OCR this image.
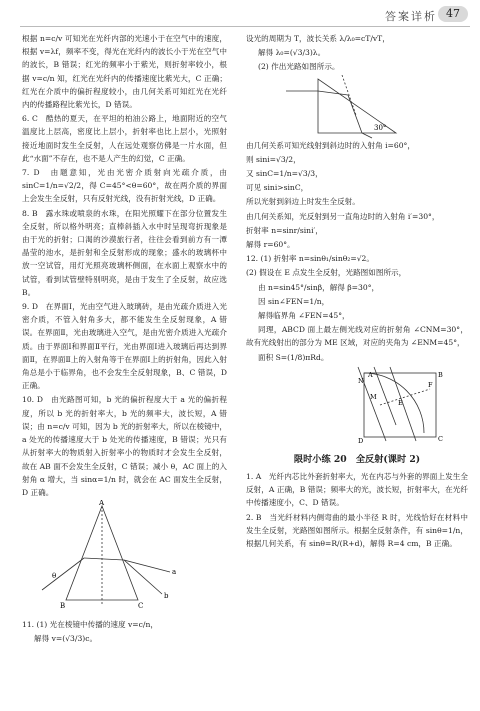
答案详析 47

根据 n=c/v 可知光在光纤内部的光速小于在空气中的速度，根据 v=λf，频率不变，得光在光纤内的波长小于光在空气中的波长，B 错误；红光的频率小于紫光，则折射率较小，根据 v=c/n 知，红光在光纤内的传播速度比紫光大，C 正确；红光在介质中的偏折程度较小，由几何关系可知红光在光纤内的传播路程比紫光长，D 错误。

6. C　酷热的夏天，在平坦的柏油公路上，地面附近的空气温度比上层高，密度比上层小，折射率也比上层小，光照射接近地面时发生全反射，人在远处观察仿佛是一片水面，但此“水面”不存在，也不是人产生的幻觉，C 正确。

7. D　由题意知，光由光密介质射向光疏介质，由 sinC=1/n=√2/2，得 C=45°<θ=60°，故在两介质的界面上会发生全反射，只有反射光线，没有折射光线，D 正确。

8. B　露水珠或喷泉的水珠，在阳光照耀下在部分位置发生全反射，所以格外明亮；直棒斜插入水中时呈现弯折现象是由于光的折射；口渴的沙漠旅行者，往往会看到前方有一潭晶莹的池水，是折射和全反射形成的现象；盛水的玻璃杯中放一空试管，用灯光照亮玻璃杯侧面，在水面上观察水中的试管，看到试管壁特别明亮，是由于发生了全反射，故应选 B。

9. D　在界面Ⅰ，光由空气进入玻璃砖，是由光疏介质进入光密介质，不管入射角多大，都不能发生全反射现象，A 错误。在界面Ⅱ，光由玻璃进入空气，是由光密介质进入光疏介质。由于界面Ⅰ和界面Ⅱ平行，光由界面Ⅰ进入玻璃后再达到界面Ⅱ，在界面Ⅱ上的入射角等于在界面Ⅰ上的折射角，因此入射角总是小于临界角，也不会发生全反射现象，B、C 错误，D 正确。

10. D　由光路图可知，b 光的偏折程度大于 a 光的偏折程度，所以 b 光的折射率大，b 光的频率大，波长短，A 错误；由 n=c/v 可知，因为 b 光的折射率大，所以在棱镜中，a 处光的传播速度大于 b 处光的传播速度，B 错误；光只有从折射率大的物质射入折射率小的物质时才会发生全反射，故在 AB 面不会发生全反射，C 错误；减小 θ，AC 面上的入射角 α 增大，当 sinα=1/n 时，就会在 AC 面发生全反射，D 正确。

A
B	C
θ	a
b

11. (1) 光在棱镜中传播的速度 v=c/n，

解得 v=(√3/3)c。

设光的周期为 T，波长关系 λ/λ₀=cT/vT，

解得 λ₀=(√3/3)λ。

(2) 作出光路如图所示。

30°

由几何关系可知光线射到斜边时的入射角 i=60°，

则 sini=√3/2，

又 sinC=1/n=√3/3，

可见 sini>sinC，

所以光射到斜边上时发生全反射。

由几何关系知，光反射到另一直角边时的入射角 i′=30°，

折射率 n=sinr/sini′，

解得 r=60°。

12. (1) 折射率 n=sinθ₁/sinθ₂=√2。

(2) 假设在 E 点发生全反射，光路图如图所示，

由 n=sin45°/sinβ，解得 β=30°，

因 sin∠FEN=1/n，

解得临界角 ∠FEN=45°，

同理，ABCD 面上最左侧光线对应的折射角 ∠CNM=30°，故有光线射出的部分为 ME 区域，对应的夹角为 ∠ENM=45°，

面积 S=(1/8)πRd。

N
A
M
E
F
B
C
D
限时小练 20　全反射(课时 2)

1. A　光纤内芯比外套折射率大，光在内芯与外套的界面上发生全反射，A 正确，B 错误；频率大的光，波长短，折射率大，在光纤中传播速度小，C、D 错误。

2. B　当光纤材料内侧弯曲的最小半径 R 时，光线恰好在材料中发生全反射，光路图如图所示。根据全反射条件，有 sinθ=1/n，根据几何关系，有 sinθ=R/(R+d)，解得 R=4 cm，B 正确。
